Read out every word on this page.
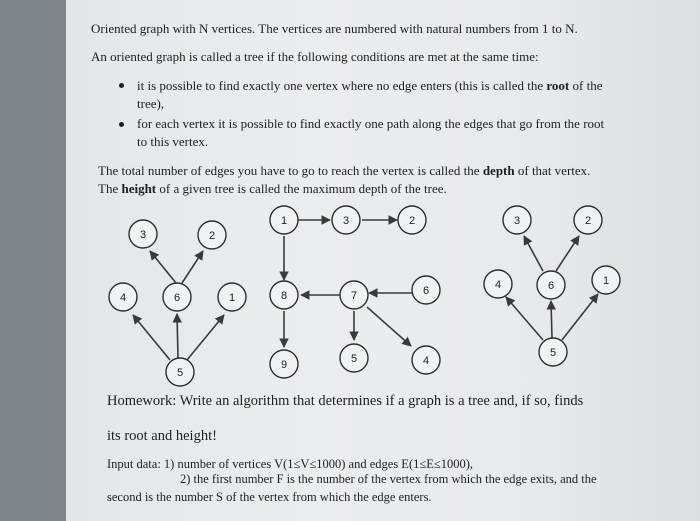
Oriented graph with N vertices. The vertices are numbered with natural numbers from 1 to N.
An oriented graph is called a tree if the following conditions are met at the same time:
it is possible to find exactly one vertex where no edge enters (this is called the root of the
tree),
for each vertex it is possible to find exactly one path along the edges that go from the root
to this vertex.
The total number of edges you have to go to reach the vertex is called the depth of that vertex.
The height of a given tree is called the maximum depth of the tree.
3	2
4	6	1
5
1	3	2
8	7	6
9	5	4
3	2
4	6	1
5
Homework: Write an algorithm that determines if a graph is a tree and, if so, finds
its root and height!
Input data: 1) number of vertices V(1≤V≤1000) and edges E(1≤E≤1000),
2) the first number F is the number of the vertex from which the edge exits, and the
second is the number S of the vertex from which the edge enters.
